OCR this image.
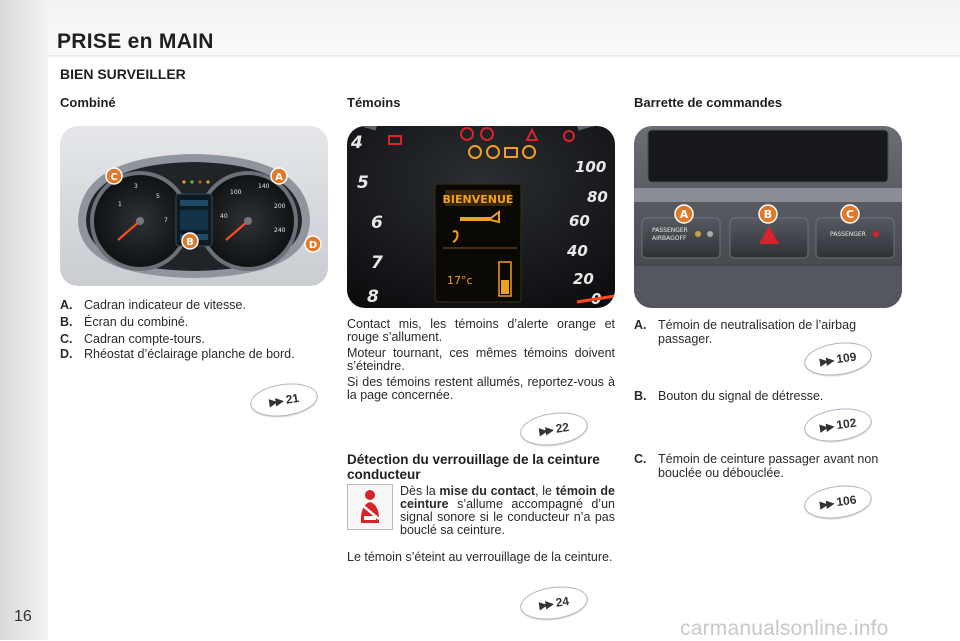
PRISE en MAIN
BIEN SURVEILLER
Combiné	Témoins	Barrette de commandes
1
3
5
7
40
100
140
200
240
C	A
B	D
4
5
6
7
8
100
80
60
40
20
BIENVENUE
17°c
PASSENGER
AIRBAGOFF
PASSENGER
A	B	C
A. Cadran indicateur de vitesse.
B. Écran du combiné.
C. Cadran compte-tours.
D. Rhéostat d’éclairage planche de bord.
▶▶ 21
Contact mis, les témoins d’alerte orange et rouge s’allument.
Moteur tournant, ces mêmes témoins doivent s’éteindre.
Si des témoins restent allumés, reportez-vous à la page concernée.
▶▶ 22
Détection du verrouillage de la ceinture conducteur
Dès la mise du contact, le témoin de ceinture s’allume accompagné d’un signal sonore si le conducteur n’a pas bouclé sa ceinture.
Le témoin s’éteint au verrouillage de la ceinture.
▶▶ 24
A. Témoin de neutralisation de l’airbag passager.
▶▶ 109
B. Bouton du signal de détresse.
▶▶ 102
C. Témoin de ceinture passager avant non bouclée ou débouclée.
▶▶ 106
16
carmanualsonline.info
